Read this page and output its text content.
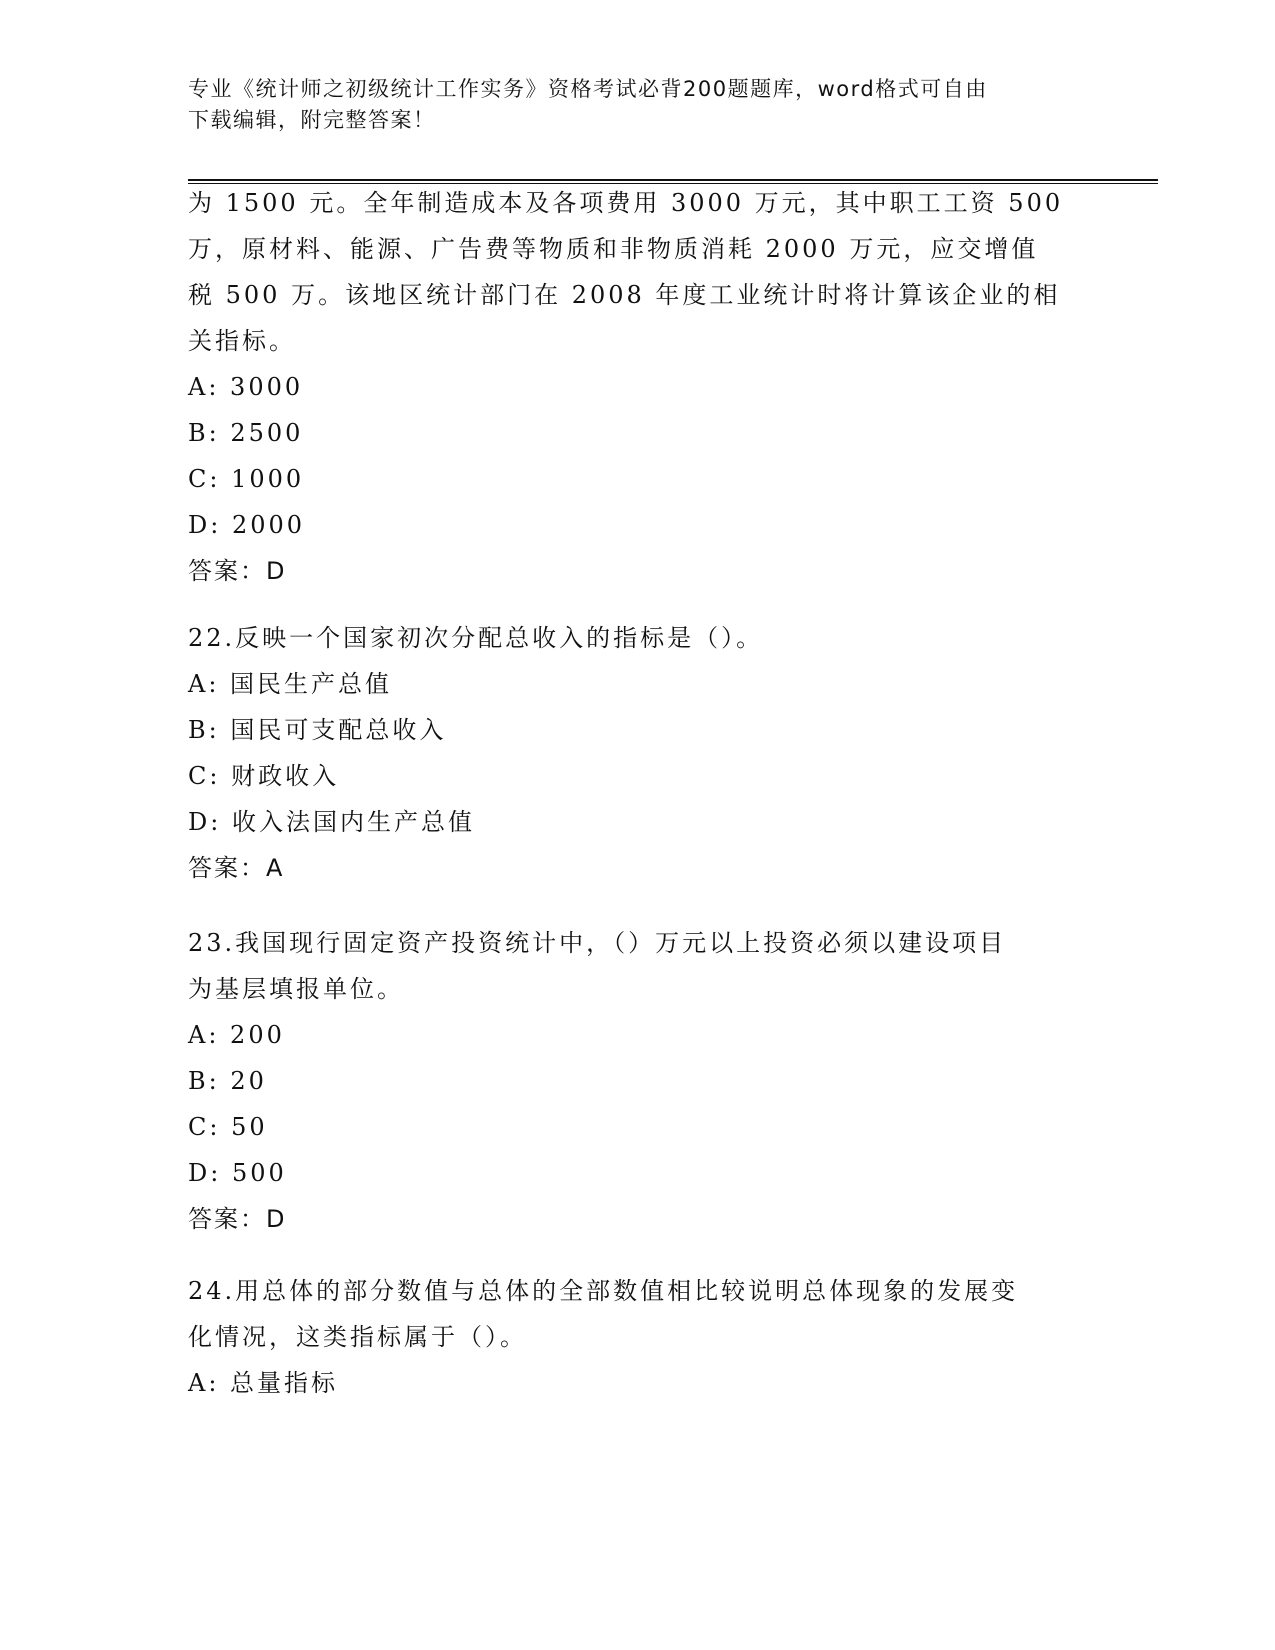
专业《统计师之初级统计工作实务》资格考试必背200题题库，word格式可自由
下载编辑，附完整答案！
为 1500 元。全年制造成本及各项费用 3000 万元，其中职工工资 500
万，原材料、能源、广告费等物质和非物质消耗 2000 万元，应交增值
税 500 万。该地区统计部门在 2008 年度工业统计时将计算该企业的相
关指标。
A: 3000
B: 2500
C: 1000
D: 2000
答案：D
22.反映一个国家初次分配总收入的指标是（）。
A: 国民生产总值
B: 国民可支配总收入
C: 财政收入
D: 收入法国内生产总值
答案：A
23.我国现行固定资产投资统计中，（）万元以上投资必须以建设项目
为基层填报单位。
A: 200
B: 20
C: 50
D: 500
答案：D
24.用总体的部分数值与总体的全部数值相比较说明总体现象的发展变
化情况，这类指标属于（）。
A: 总量指标
